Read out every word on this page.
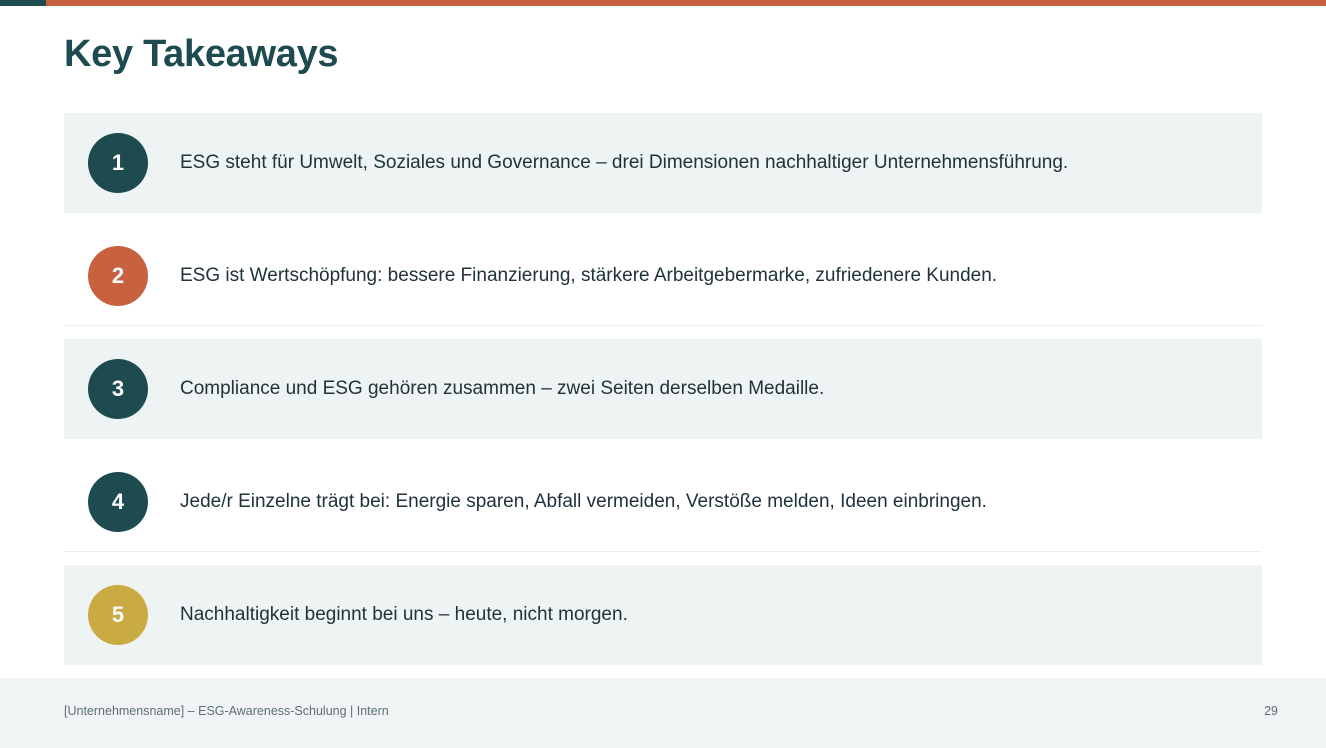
Key Takeaways
1	ESG steht für Umwelt, Soziales und Governance – drei Dimensionen nachhaltiger Unternehmensführung.
2	ESG ist Wertschöpfung: bessere Finanzierung, stärkere Arbeitgebermarke, zufriedenere Kunden.
3	Compliance und ESG gehören zusammen – zwei Seiten derselben Medaille.
4	Jede/r Einzelne trägt bei: Energie sparen, Abfall vermeiden, Verstöße melden, Ideen einbringen.
5	Nachhaltigkeit beginnt bei uns – heute, nicht morgen.
[Unternehmensname] – ESG-Awareness-Schulung | Intern	29
